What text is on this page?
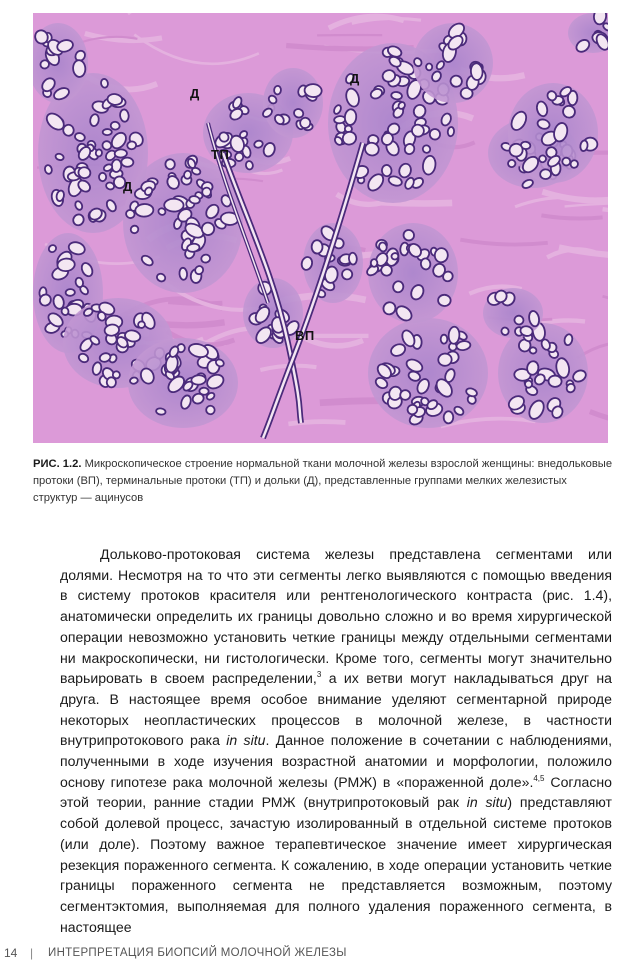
Д
Д
Д
ТП
ВП
РИС. 1.2. Микроскопическое строение нормальной ткани молочной железы взрослой женщины: внедольковые протоки (ВП), терминальные протоки (ТП) и дольки (Д), представленные группами мелких железистых структур — ацинусов

Дольково-протоковая система железы представлена сегментами или долями. Несмотря на то что эти сегменты легко выявляются с помощью введения в систему протоков красителя или рентгенологического контраста (рис. 1.4), анатомически определить их границы довольно сложно и во время хирургической операции невозможно установить четкие границы между отдельными сегментами ни макроскопически, ни гистологически. Кроме того, сегменты могут значительно варьировать в своем распределении,$^3$ а их ветви могут накладываться друг на друга. В настоящее время особое внимание уделяют сегментарной природе некоторых неопластических процессов в молочной железе, в частности внутрипротокового рака in situ. Данное положение в сочетании с наблюдениями, полученными в ходе изучения возрастной анатомии и морфологии, положило основу гипотезе рака молочной железы (РМЖ) в «пораженной доле».$^{4,5}$ Согласно этой теории, ранние стадии РМЖ (внутрипротоковый рак in situ) представляют собой долевой процесс, зачастую изолированный в отдельной системе протоков (или доле). Поэтому важное терапевтическое значение имеет хирургическая резекция пораженного сегмента. К сожалению, в ходе операции установить четкие границы пораженного сегмента не представляется возможным, поэтому сегментэктомия, выполняемая для полного удаления пораженного сегмента, в настоящее

14 | ИНТЕРПРЕТАЦИЯ БИОПСИЙ МОЛОЧНОЙ ЖЕЛЕЗЫ
